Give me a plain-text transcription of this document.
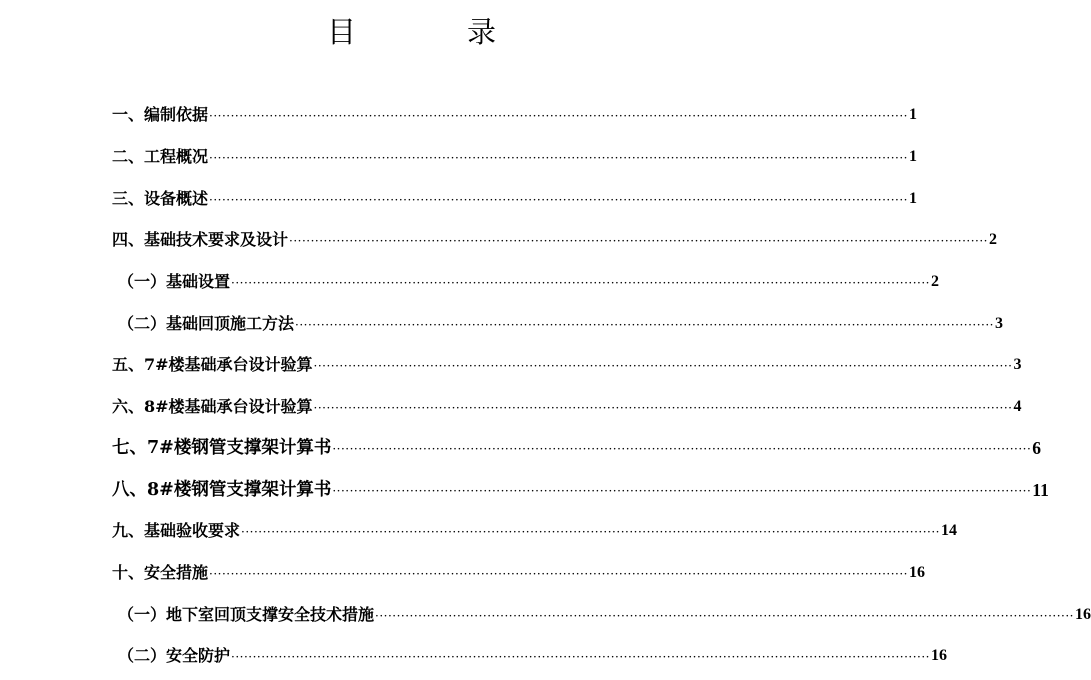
目	录
一、编制依据 ·································································································································································· 1
二、工程概况 ·································································································································································· 1
三、设备概述 ·································································································································································· 1
四、基础技术要求及设计 ·································································································································································· 2
（一）基础设置 ·································································································································································· 2
（二）基础回顶施工方法 ·································································································································································· 3
五、7#楼基础承台设计验算 ·································································································································································· 3
六、8#楼基础承台设计验算 ·································································································································································· 4
七、7#楼钢管支撑架计算书 ·································································································································································· 6
八、8#楼钢管支撑架计算书 ·································································································································································· 11
九、基础验收要求 ·································································································································································· 14
十、安全措施 ·································································································································································· 16
（一）地下室回顶支撑安全技术措施 ·································································································································································· 16
（二）安全防护 ·································································································································································· 16
